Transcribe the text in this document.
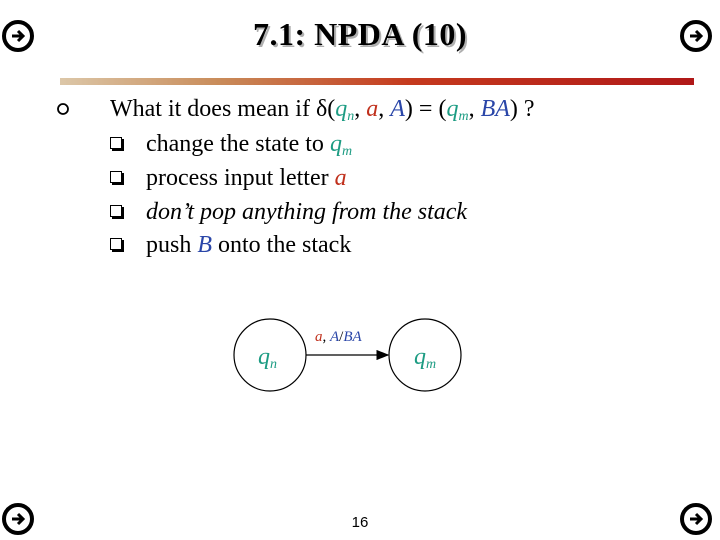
7.1: NPDA (10)
What it does mean if δ(qn, a, A) = (qm, BA) ?
change the state to qm
process input letter a
don’t pop anything from the stack
push B onto the stack
qn	qm
a, A/BA
16
